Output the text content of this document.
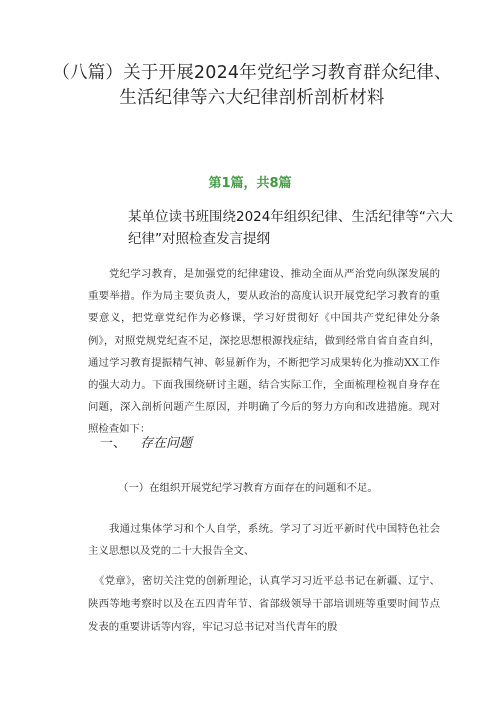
（八篇）关于开展2024年党纪学习教育群众纪律、生活纪律等六大纪律剖析剖析材料
第1篇，共8篇
某单位读书班围绕2024年组织纪律、生活纪律等“六大纪律”对照检查发言提纲
党纪学习教育，是加强党的纪律建设、推动全面从严治党向纵深发展的重要举措。作为局主要负责人，要从政治的高度认识开展党纪学习教育的重要意义，把党章党纪作为必修课，学习好贯彻好《中国共产党纪律处分条例》，对照党规党纪查不足，深挖思想根源找症结，做到经常自省自查自纠，通过学习教育提振精气神、彰显新作为，不断把学习成果转化为推动XX工作的强大动力。下面我围绕研讨主题，结合实际工作，全面梳理检视自身存在问题，深入剖析问题产生原因，并明确了今后的努力方向和改进措施。现对照检查如下：
一、 存在问题
（一）在组织开展党纪学习教育方面存在的问题和不足。
我通过集体学习和个人自学，系统。学习了习近平新时代中国特色社会主义思想以及党的二十大报告全文、
《党章》，密切关注党的创新理论，认真学习习近平总书记在新疆、辽宁、陕西等地考察时以及在五四青年节、省部级领导干部培训班等重要时间节点发表的重要讲话等内容，牢记习总书记对当代青年的殷
